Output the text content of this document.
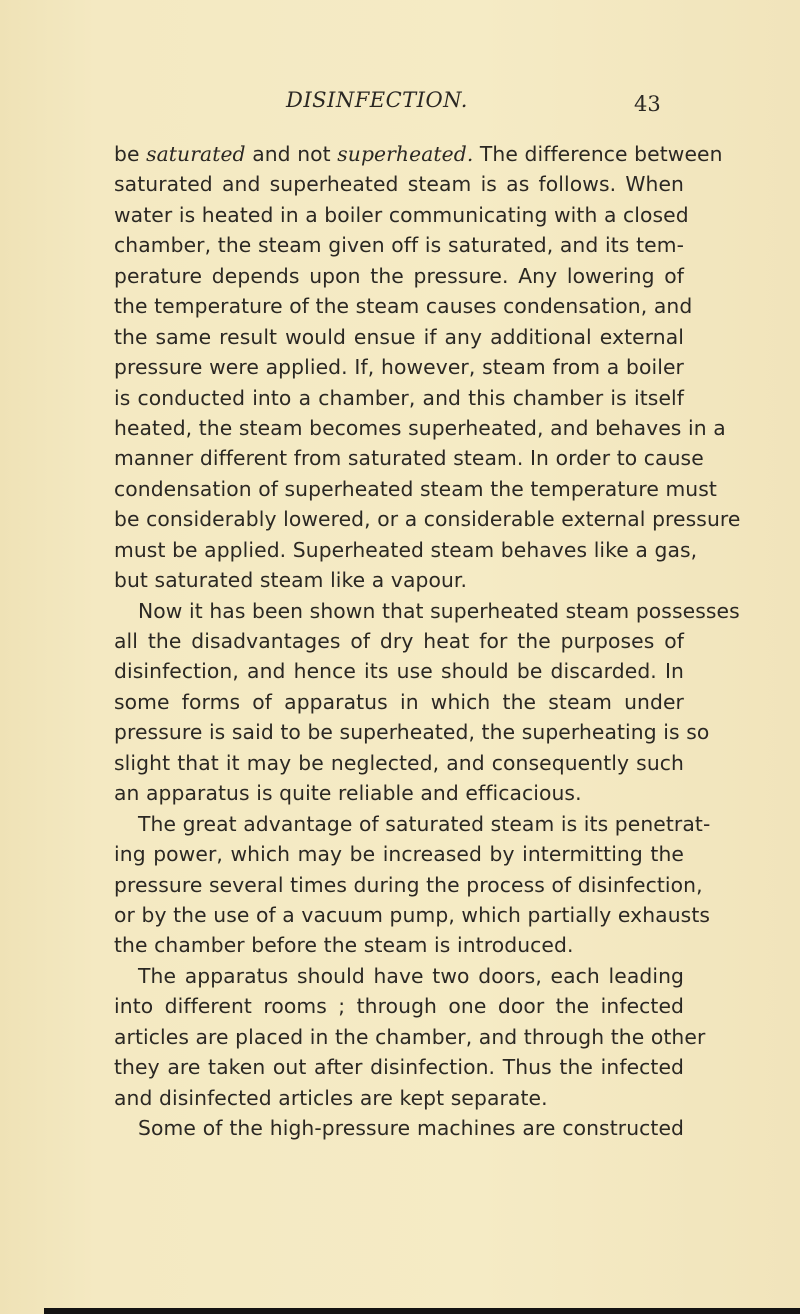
DISINFECTION.	43
be saturated and not superheated. The difference between
saturated and superheated steam is as follows. When
water is heated in a boiler communicating with a closed
chamber, the steam given off is saturated, and its tem-
perature depends upon the pressure. Any lowering of
the temperature of the steam causes condensation, and
the same result would ensue if any additional external
pressure were applied. If, however, steam from a boiler
is conducted into a chamber, and this chamber is itself
heated, the steam becomes superheated, and behaves in a
manner different from saturated steam. In order to cause
condensation of superheated steam the temperature must
be considerably lowered, or a considerable external pressure
must be applied. Superheated steam behaves like a gas,
but saturated steam like a vapour.
Now it has been shown that superheated steam possesses
all the disadvantages of dry heat for the purposes of
disinfection, and hence its use should be discarded. In
some forms of apparatus in which the steam under
pressure is said to be superheated, the superheating is so
slight that it may be neglected, and consequently such
an apparatus is quite reliable and efficacious.
The great advantage of saturated steam is its penetrat-
ing power, which may be increased by intermitting the
pressure several times during the process of disinfection,
or by the use of a vacuum pump, which partially exhausts
the chamber before the steam is introduced.
The apparatus should have two doors, each leading
into different rooms ; through one door the infected
articles are placed in the chamber, and through the other
they are taken out after disinfection. Thus the infected
and disinfected articles are kept separate.
Some of the high-pressure machines are constructed
